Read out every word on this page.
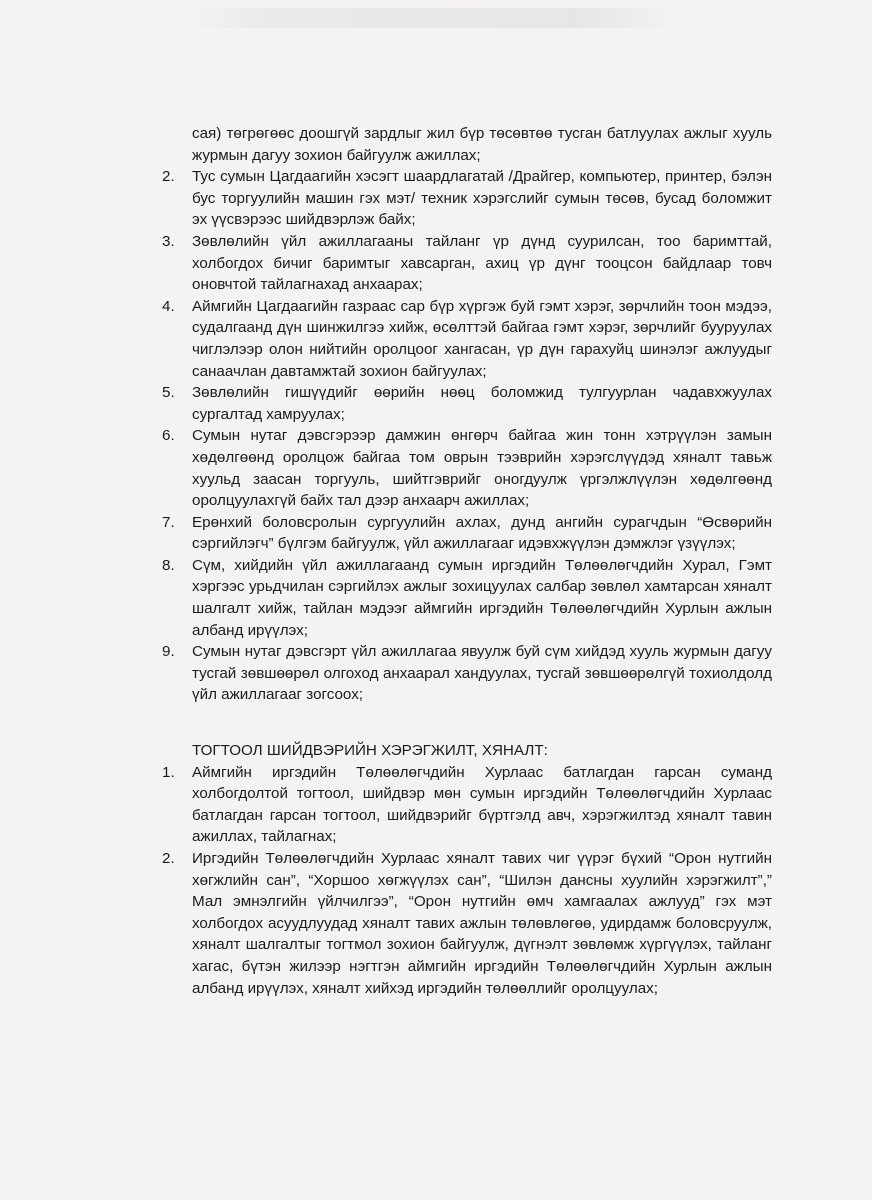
сая) төгрөгөөс доошгүй зардлыг жил бүр төсөвтөө тусган батлуулах ажлыг хууль журмын дагуу зохион байгуулж ажиллах;
2.	Тус сумын Цагдаагийн хэсэгт шаардлагатай /Драйгер, компьютер, принтер, бэлэн бус торгуулийн машин гэх мэт/ техник хэрэгслийг сумын төсөв, бусад боломжит эх үүсвэрээс шийдвэрлэж байх;
3.	Зөвлөлийн үйл ажиллагааны тайланг үр дүнд суурилсан, тоо баримттай, холбогдох бичиг баримтыг хавсарган, ахиц үр дүнг тооцсон байдлаар товч оновчтой тайлагнахад анхаарах;
4.	Аймгийн Цагдаагийн газраас сар бүр хүргэж буй гэмт хэрэг, зөрчлийн тоон мэдээ, судалгаанд дүн шинжилгээ хийж, өсөлттэй байгаа гэмт хэрэг, зөрчлийг бууруулах чиглэлээр олон нийтийн оролцоог хангасан, үр дүн гарахуйц шинэлэг ажлуудыг санаачлан давтамжтай зохион байгуулах;
5.	Зөвлөлийн гишүүдийг өөрийн нөөц боломжид тулгуурлан чадавхжуулах сургалтад хамруулах;
6.	Сумын нутаг дэвсгэрээр дамжин өнгөрч байгаа жин тонн хэтрүүлэн замын хөдөлгөөнд оролцож байгаа том оврын тээврийн хэрэгслүүдэд хяналт тавьж хуульд заасан торгууль, шийтгэврийг оногдуулж үргэлжлүүлэн хөдөлгөөнд оролцуулахгүй байх тал дээр анхаарч ажиллах;
7.	Ерөнхий боловсролын сургуулийн ахлах, дунд ангийн сурагчдын “Өсвөрийн сэргийлэгч” бүлгэм байгуулж, үйл ажиллагааг идэвхжүүлэн дэмжлэг үзүүлэх;
8.	Сүм, хийдийн үйл ажиллагаанд сумын иргэдийн Төлөөлөгчдийн Хурал, Гэмт хэргээс урьдчилан сэргийлэх ажлыг зохицуулах салбар зөвлөл хамтарсан хяналт шалгалт хийж, тайлан мэдээг аймгийн иргэдийн Төлөөлөгчдийн Хурлын ажлын албанд ирүүлэх;
9.	Сумын нутаг дэвсгэрт үйл ажиллагаа явуулж буй сүм хийдэд хууль журмын дагуу тусгай зөвшөөрөл олгоход анхаарал хандуулах, тусгай зөвшөөрөлгүй тохиолдолд үйл ажиллагааг зогсоох;
ТОГТООЛ ШИЙДВЭРИЙН ХЭРЭГЖИЛТ, ХЯНАЛТ:
1.	Аймгийн иргэдийн Төлөөлөгчдийн Хурлаас батлагдан гарсан суманд холбогдолтой тогтоол, шийдвэр мөн сумын иргэдийн Төлөөлөгчдийн Хурлаас батлагдан гарсан тогтоол, шийдвэрийг бүртгэлд авч, хэрэгжилтэд хяналт тавин ажиллах, тайлагнах;
2.	Иргэдийн Төлөөлөгчдийн Хурлаас хяналт тавих чиг үүрэг бүхий “Орон нутгийн хөгжлийн сан”, “Хоршоо хөгжүүлэх сан”, “Шилэн дансны хуулийн хэрэгжилт”,” Мал эмнэлгийн үйлчилгээ”, “Орон нутгийн өмч хамгаалах ажлууд” гэх мэт холбогдох асуудлуудад хяналт тавих ажлын төлөвлөгөө, удирдамж боловсруулж, хяналт шалгалтыг тогтмол зохион байгуулж, дүгнэлт зөвлөмж хүргүүлэх, тайланг хагас, бүтэн жилээр нэгтгэн аймгийн иргэдийн Төлөөлөгчдийн Хурлын ажлын албанд ирүүлэх, хяналт хийхэд иргэдийн төлөөллийг оролцуулах;
